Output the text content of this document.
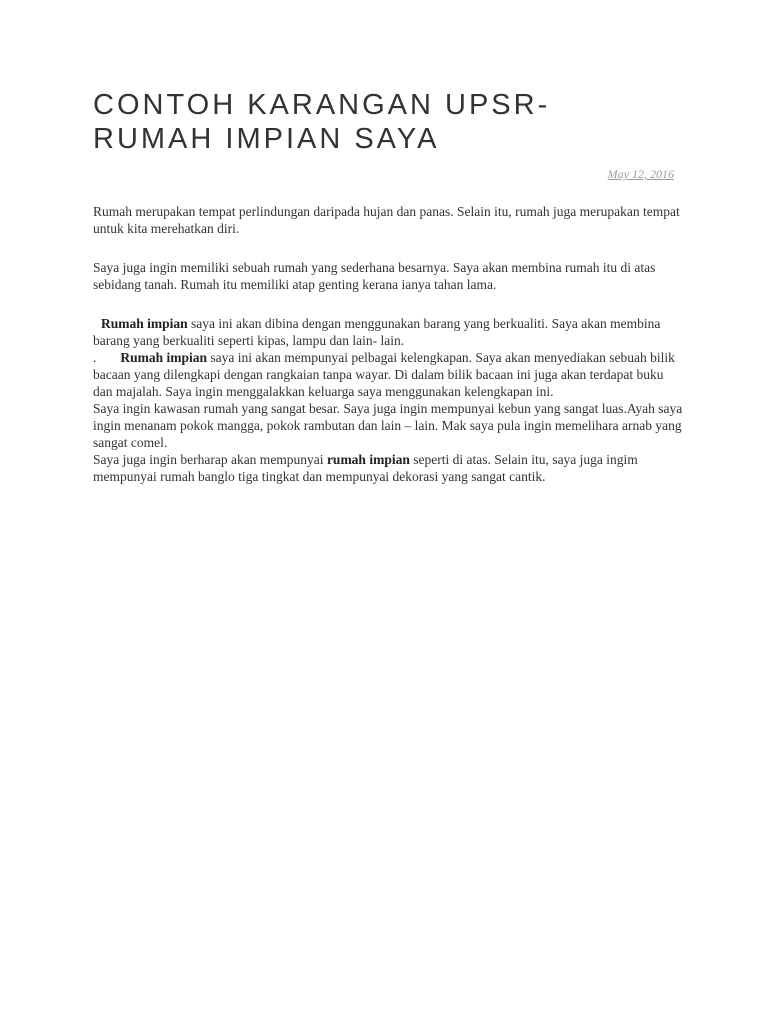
CONTOH KARANGAN UPSR-
RUMAH IMPIAN SAYA
May 12, 2016

Rumah merupakan tempat perlindungan daripada hujan dan panas. Selain itu, rumah juga merupakan tempat untuk kita merehatkan diri.

Saya juga ingin memiliki sebuah rumah yang sederhana besarnya. Saya akan membina rumah itu di atas sebidang tanah. Rumah itu memiliki atap genting kerana ianya tahan lama.

Rumah impian saya ini akan dibina dengan menggunakan barang yang berkualiti. Saya akan membina barang yang berkualiti seperti kipas, lampu dan lain- lain.

. Rumah impian saya ini akan mempunyai pelbagai kelengkapan. Saya akan menyediakan sebuah bilik bacaan yang dilengkapi dengan rangkaian tanpa wayar. Di dalam bilik bacaan ini juga akan terdapat buku dan majalah. Saya ingin menggalakkan keluarga saya menggunakan kelengkapan ini.

Saya ingin kawasan rumah yang sangat besar. Saya juga ingin mempunyai kebun yang sangat luas.Ayah saya ingin menanam pokok mangga, pokok rambutan dan lain – lain. Mak saya pula ingin memelihara arnab yang sangat comel.

Saya juga ingin berharap akan mempunyai rumah impian seperti di atas. Selain itu, saya juga ingim mempunyai rumah banglo tiga tingkat dan mempunyai dekorasi yang sangat cantik.
